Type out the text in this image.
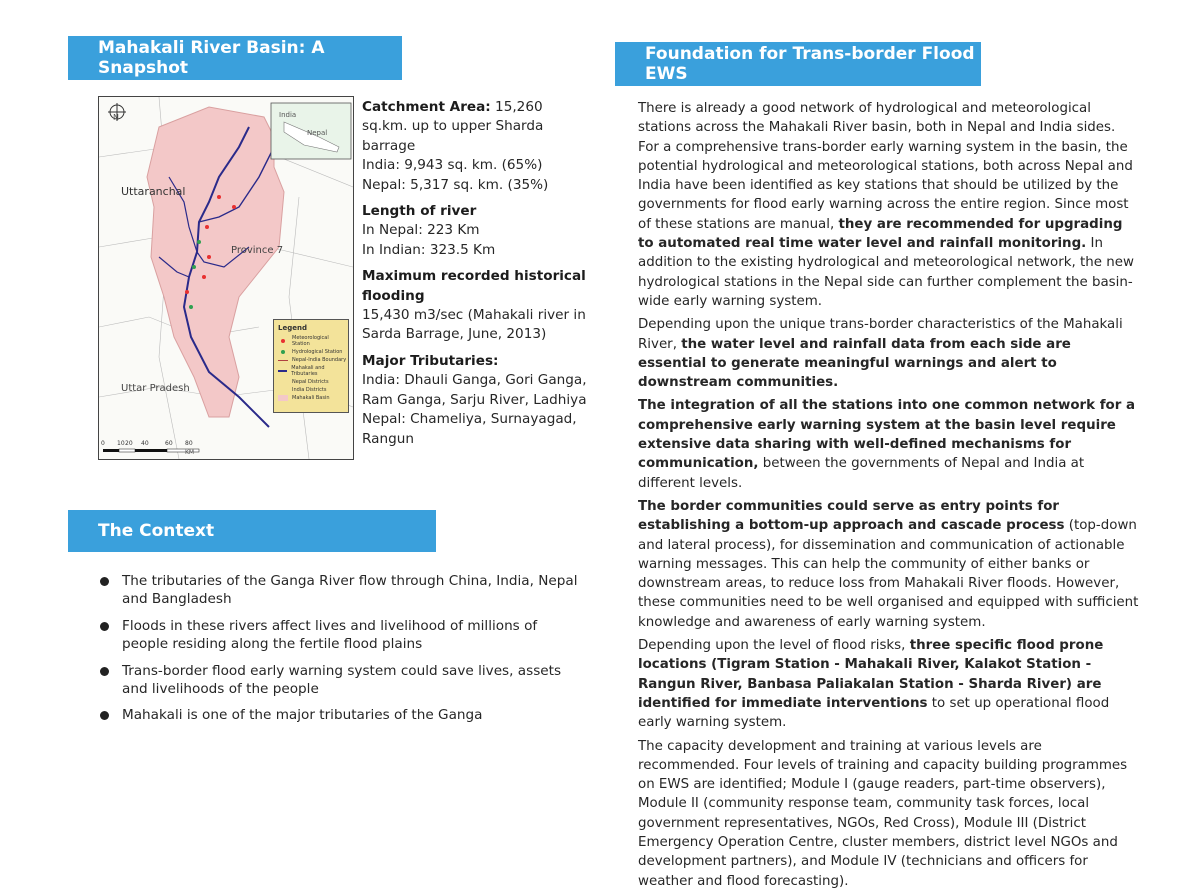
Mahakali River Basin: A Snapshot
N	India
Nepal
Uttaranchal
Province 7
Uttar Pradesh
Legend
Meteorological Station
Hydrological Station
Nepal-India Boundary
Mahakali and Tributaries
Nepal Districts
India Districts
Mahakali Basin
0	10 20	40	60	80
KM

Catchment Area: 15,260 sq.km. up to upper Sharda barrage
India: 9,943 sq. km. (65%)
Nepal: 5,317 sq. km. (35%)

Length of river
In Nepal: 223 Km
In Indian: 323.5 Km

Maximum recorded historical flooding
15,430 m3/sec (Mahakali river in Sarda Barrage, June, 2013)

Major Tributaries:
India: Dhauli Ganga, Gori Ganga, Ram Ganga, Sarju River, Ladhiya
Nepal: Chameliya, Surnayagad, Rangun

The Context
The tributaries of the Ganga River flow through China, India, Nepal and Bangladesh
Floods in these rivers affect lives and livelihood of millions of people residing along the fertile flood plains
Trans-border flood early warning system could save lives, assets and livelihoods of the people
Mahakali is one of the major tributaries of the Ganga
Foundation for Trans-border Flood EWS

There is already a good network of hydrological and meteorological stations across the Mahakali River basin, both in Nepal and India sides. For a comprehensive trans-border early warning system in the basin, the potential hydrological and meteorological stations, both across Nepal and India have been identified as key stations that should be utilized by the governments for flood early warning across the entire region. Since most of these stations are manual, they are recommended for upgrading to automated real time water level and rainfall monitoring. In addition to the existing hydrological and meteorological network, the new hydrological stations in the Nepal side can further complement the basin-wide early warning system.

Depending upon the unique trans-border characteristics of the Mahakali River, the water level and rainfall data from each side are essential to generate meaningful warnings and alert to downstream communities.

The integration of all the stations into one common network for a comprehensive early warning system at the basin level require extensive data sharing with well-defined mechanisms for communication, between the governments of Nepal and India at different levels.

The border communities could serve as entry points for establishing a bottom-up approach and cascade process (top-down and lateral process), for dissemination and communication of actionable warning messages. This can help the community of either banks or downstream areas, to reduce loss from Mahakali River floods. However, these communities need to be well organised and equipped with sufficient knowledge and awareness of early warning system.

Depending upon the level of flood risks, three specific flood prone locations (Tigram Station - Mahakali River, Kalakot Station - Rangun River, Banbasa Paliakalan Station - Sharda River) are identified for immediate interventions to set up operational flood early warning system.

The capacity development and training at various levels are recommended. Four levels of training and capacity building programmes on EWS are identified; Module I (gauge readers, part-time observers), Module II (community response team, community task forces, local government representatives, NGOs, Red Cross), Module III (District Emergency Operation Centre, cluster members, district level NGOs and development partners), and Module IV (technicians and officers for weather and flood forecasting).
